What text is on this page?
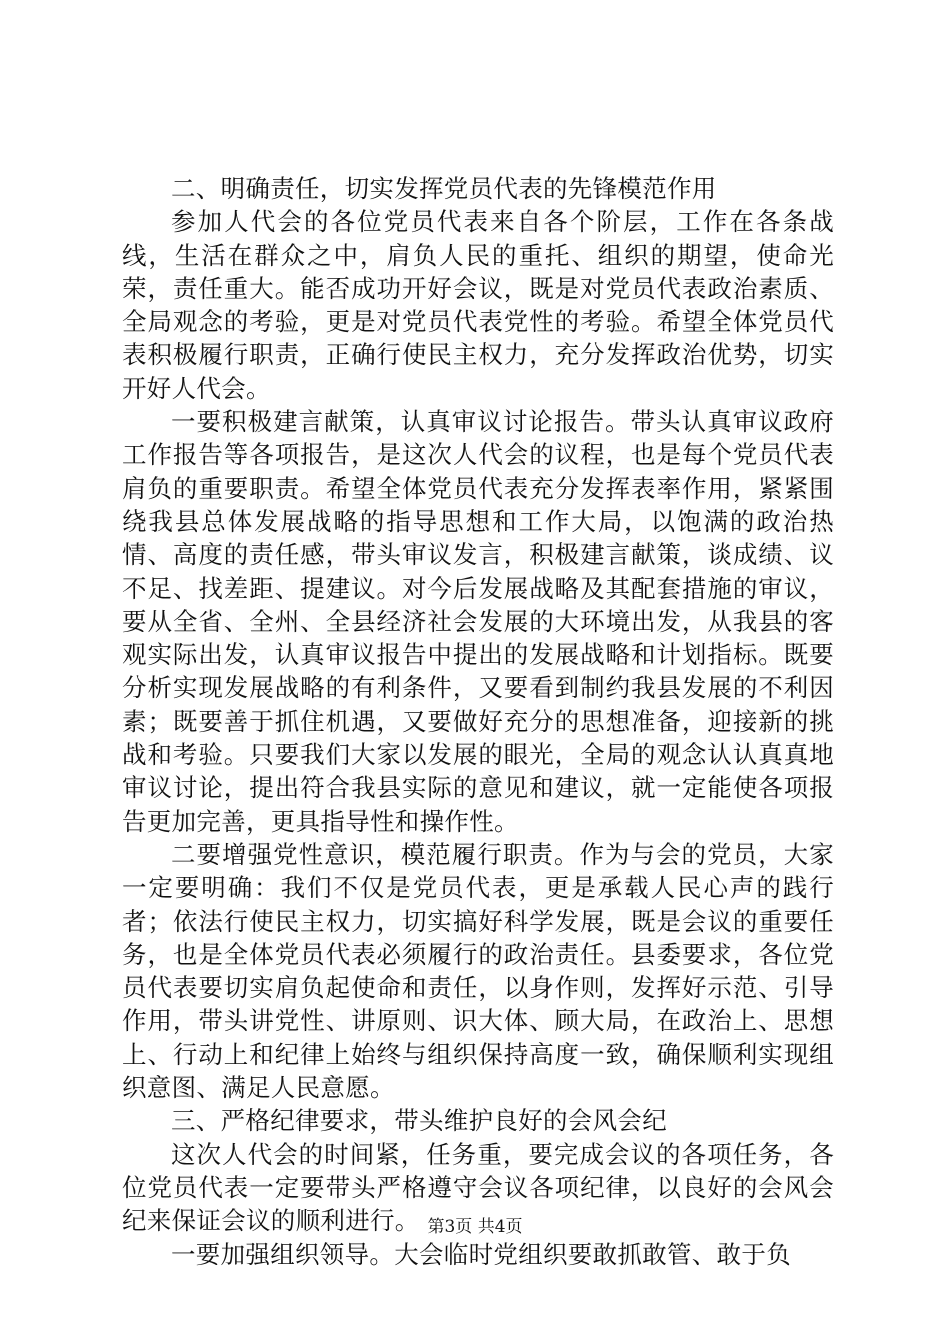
二、明确责任，切实发挥党员代表的先锋模范作用

参加人代会的各位党员代表来自各个阶层，工作在各条战线，生活在群众之中，肩负人民的重托、组织的期望，使命光荣，责任重大。能否成功开好会议，既是对党员代表政治素质、全局观念的考验，更是对党员代表党性的考验。希望全体党员代表积极履行职责，正确行使民主权力，充分发挥政治优势，切实开好人代会。

一要积极建言献策，认真审议讨论报告。带头认真审议政府工作报告等各项报告，是这次人代会的议程，也是每个党员代表肩负的重要职责。希望全体党员代表充分发挥表率作用，紧紧围绕我县总体发展战略的指导思想和工作大局，以饱满的政治热情、高度的责任感，带头审议发言，积极建言献策，谈成绩、议不足、找差距、提建议。对今后发展战略及其配套措施的审议，要从全省、全州、全县经济社会发展的大环境出发，从我县的客观实际出发，认真审议报告中提出的发展战略和计划指标。既要分析实现发展战略的有利条件，又要看到制约我县发展的不利因素；既要善于抓住机遇，又要做好充分的思想准备，迎接新的挑战和考验。只要我们大家以发展的眼光，全局的观念认认真真地审议讨论，提出符合我县实际的意见和建议，就一定能使各项报告更加完善，更具指导性和操作性。

二要增强党性意识，模范履行职责。作为与会的党员，大家一定要明确：我们不仅是党员代表，更是承载人民心声的践行者；依法行使民主权力，切实搞好科学发展，既是会议的重要任务，也是全体党员代表必须履行的政治责任。县委要求，各位党员代表要切实肩负起使命和责任，以身作则，发挥好示范、引导作用，带头讲党性、讲原则、识大体、顾大局，在政治上、思想上、行动上和纪律上始终与组织保持高度一致，确保顺利实现组织意图、满足人民意愿。

三、严格纪律要求，带头维护良好的会风会纪

这次人代会的时间紧，任务重，要完成会议的各项任务，各位党员代表一定要带头严格遵守会议各项纪律，以良好的会风会纪来保证会议的顺利进行。

一要加强组织领导。大会临时党组织要敢抓敢管、敢于负

第3页 共4页
